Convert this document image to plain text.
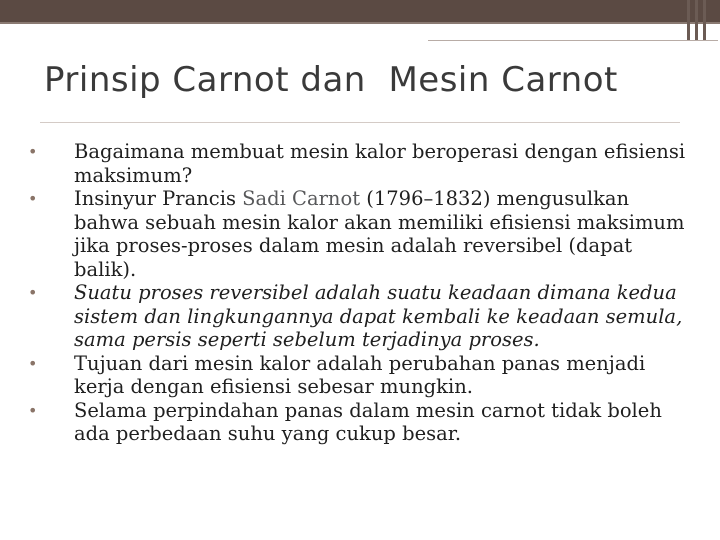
Prinsip Carnot dan  Mesin Carnot
•	Bagaimana membuat mesin kalor beroperasi dengan efisiensi maksimum?
•	Insinyur Prancis Sadi Carnot (1796–1832) mengusulkan bahwa sebuah mesin kalor akan memiliki efisiensi maksimum jika proses-proses dalam mesin adalah reversibel (dapat balik).
•	Suatu proses reversibel adalah suatu keadaan dimana kedua sistem dan lingkungannya dapat kembali ke keadaan semula, sama persis seperti sebelum terjadinya proses.
•	Tujuan dari mesin kalor adalah perubahan panas menjadi kerja dengan efisiensi sebesar mungkin.
•	Selama perpindahan panas dalam mesin carnot tidak boleh ada perbedaan suhu yang cukup besar.
